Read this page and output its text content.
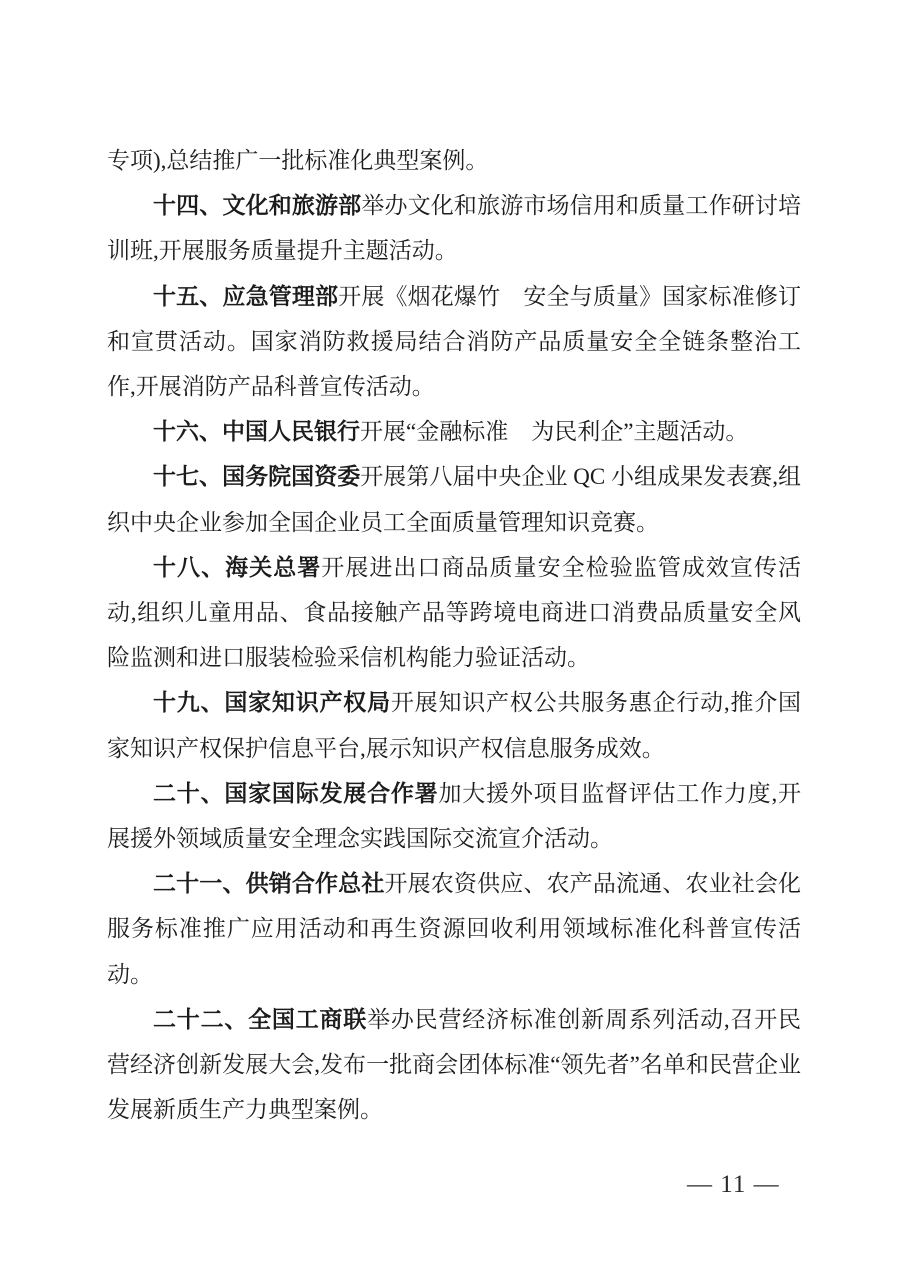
专项),总结推广一批标准化典型案例。

十四、文化和旅游部举办文化和旅游市场信用和质量工作研讨培训班,开展服务质量提升主题活动。

十五、应急管理部开展《烟花爆竹　安全与质量》国家标准修订和宣贯活动。国家消防救援局结合消防产品质量安全全链条整治工作,开展消防产品科普宣传活动。

十六、中国人民银行开展“金融标准　为民利企”主题活动。

十七、国务院国资委开展第八届中央企业 QC 小组成果发表赛,组织中央企业参加全国企业员工全面质量管理知识竞赛。

十八、海关总署开展进出口商品质量安全检验监管成效宣传活动,组织儿童用品、食品接触产品等跨境电商进口消费品质量安全风险监测和进口服装检验采信机构能力验证活动。

十九、国家知识产权局开展知识产权公共服务惠企行动,推介国家知识产权保护信息平台,展示知识产权信息服务成效。

二十、国家国际发展合作署加大援外项目监督评估工作力度,开展援外领域质量安全理念实践国际交流宣介活动。

二十一、供销合作总社开展农资供应、农产品流通、农业社会化服务标准推广应用活动和再生资源回收利用领域标准化科普宣传活动。

二十二、全国工商联举办民营经济标准创新周系列活动,召开民营经济创新发展大会,发布一批商会团体标准“领先者”名单和民营企业发展新质生产力典型案例。

— 11 —
